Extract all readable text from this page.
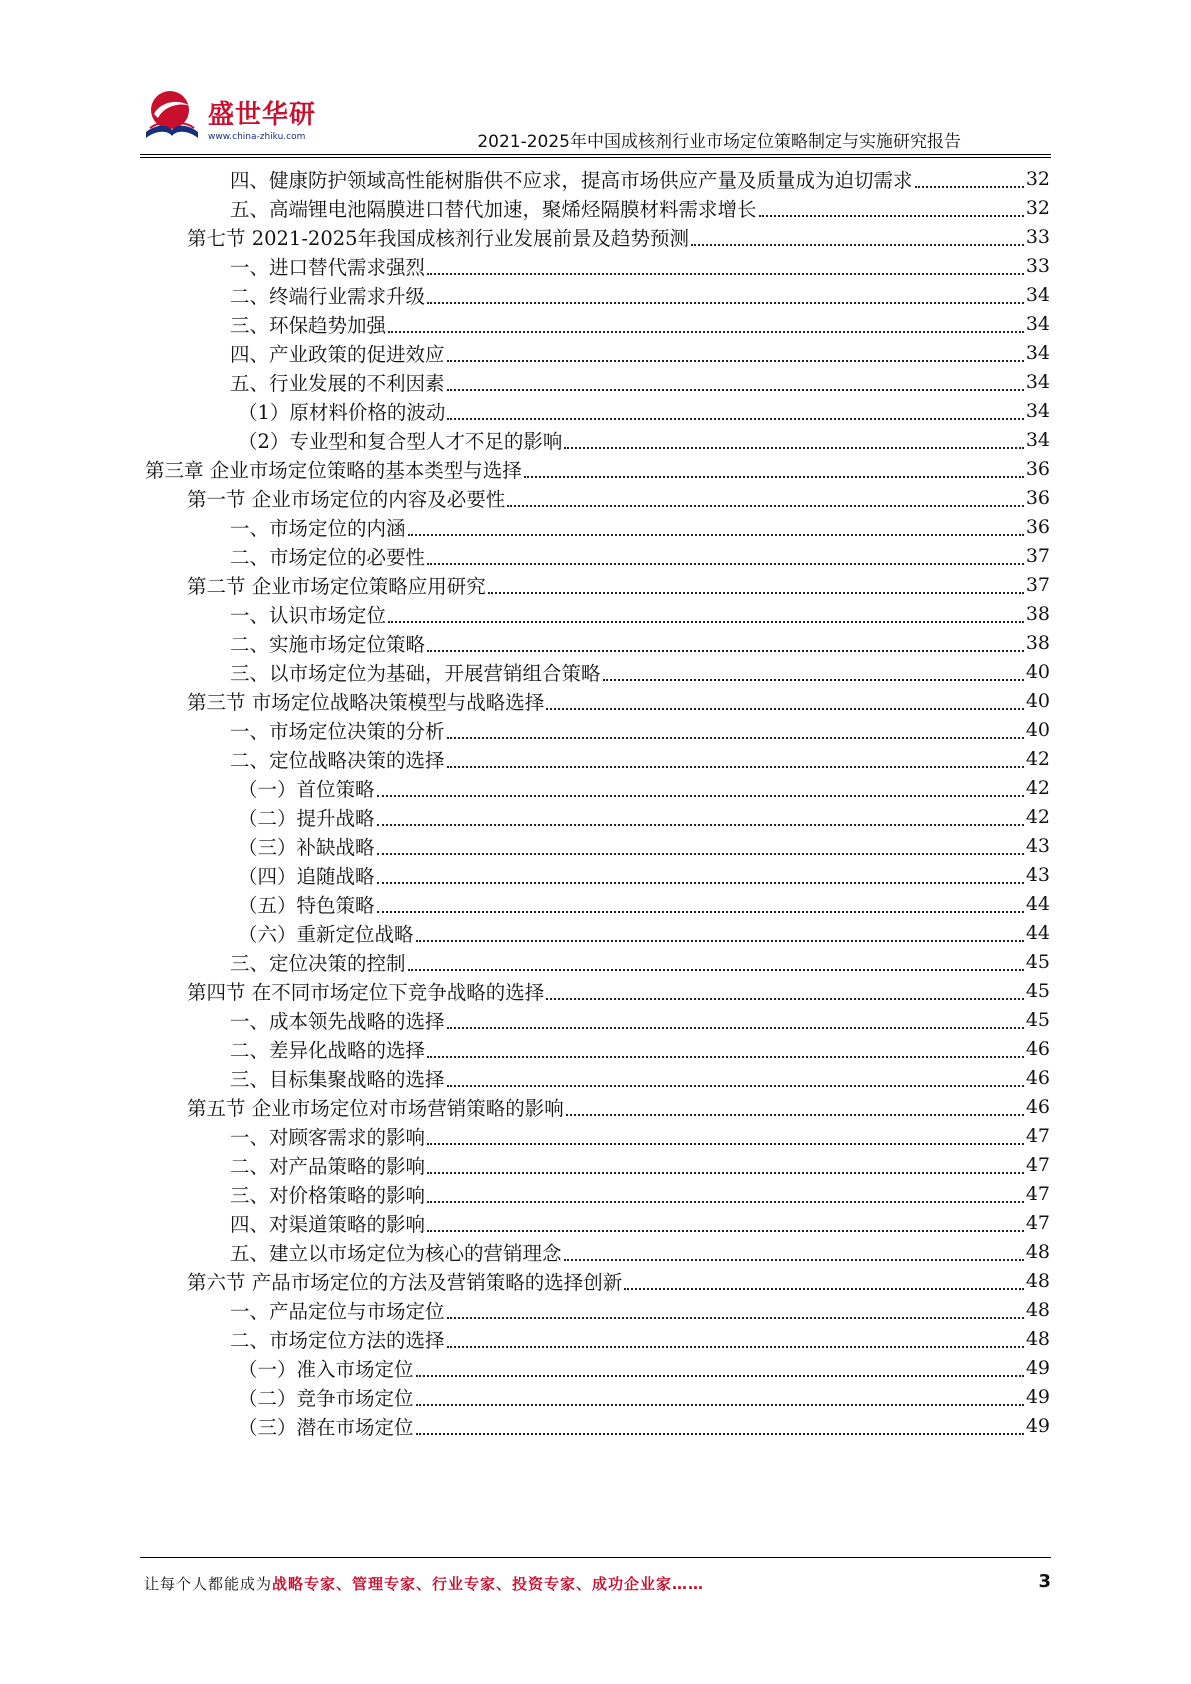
盛世华研
www.china-zhiku.com	2021-2025年中国成核剂行业市场定位策略制定与实施研究报告
四、健康防护领域高性能树脂供不应求，提高市场供应产量及质量成为迫切需求	32
五、高端锂电池隔膜进口替代加速，聚烯烃隔膜材料需求增长	32
第七节 2021-2025年我国成核剂行业发展前景及趋势预测	33
一、进口替代需求强烈	33
二、终端行业需求升级	34
三、环保趋势加强	34
四、产业政策的促进效应	34
五、行业发展的不利因素	34
（1）原材料价格的波动	34
（2）专业型和复合型人才不足的影响	34
第三章 企业市场定位策略的基本类型与选择	36
第一节 企业市场定位的内容及必要性	36
一、市场定位的内涵	36
二、市场定位的必要性	37
第二节 企业市场定位策略应用研究	37
一、认识市场定位	38
二、实施市场定位策略	38
三、以市场定位为基础，开展营销组合策略	40
第三节 市场定位战略决策模型与战略选择	40
一、市场定位决策的分析	40
二、定位战略决策的选择	42
（一）首位策略	42
（二）提升战略	42
（三）补缺战略	43
（四）追随战略	43
（五）特色策略	44
（六）重新定位战略	44
三、定位决策的控制	45
第四节 在不同市场定位下竞争战略的选择	45
一、成本领先战略的选择	45
二、差异化战略的选择	46
三、目标集聚战略的选择	46
第五节 企业市场定位对市场营销策略的影响	46
一、对顾客需求的影响	47
二、对产品策略的影响	47
三、对价格策略的影响	47
四、对渠道策略的影响	47
五、建立以市场定位为核心的营销理念	48
第六节 产品市场定位的方法及营销策略的选择创新	48
一、产品定位与市场定位	48
二、市场定位方法的选择	48
（一）准入市场定位	49
（二）竞争市场定位	49
（三）潜在市场定位	49
让每个人都能成为战略专家、管理专家、行业专家、投资专家、成功企业家……	3
